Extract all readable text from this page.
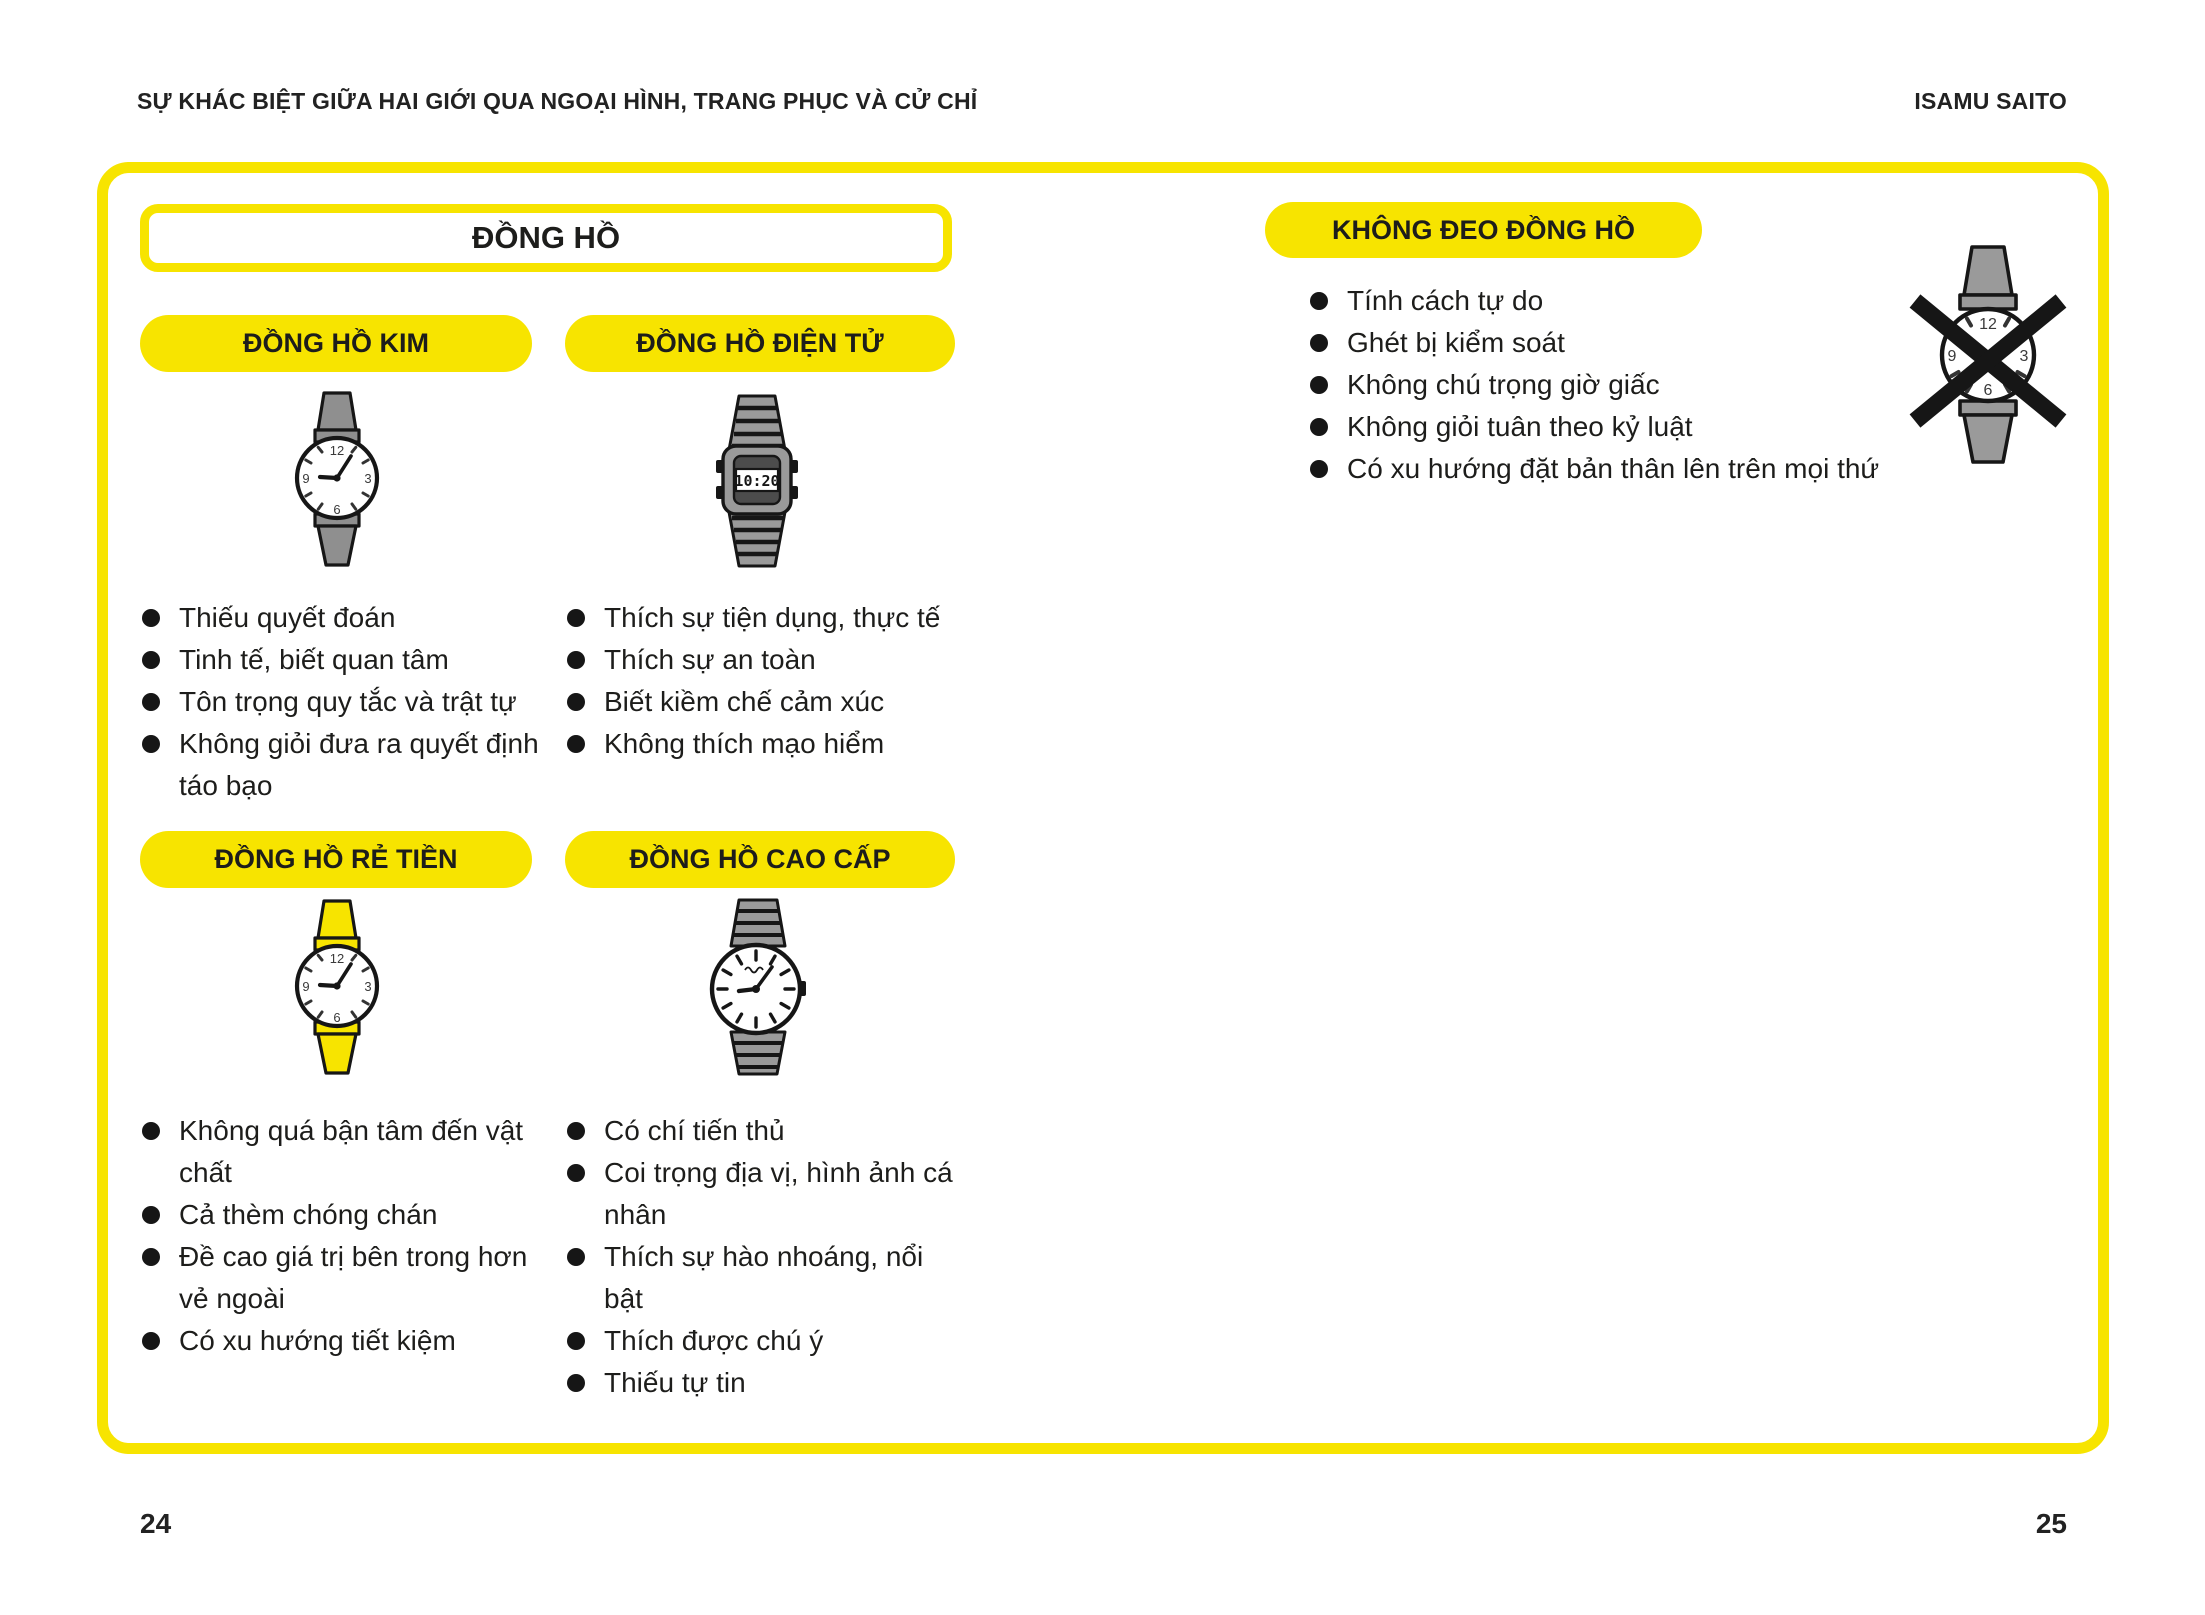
SỰ KHÁC BIỆT GIỮA HAI GIỚI QUA NGOẠI HÌNH, TRANG PHỤC VÀ CỬ CHỈ	ISAMU SAITO
ĐỒNG HỒ
ĐỒNG HỒ KIM	ĐỒNG HỒ ĐIỆN TỬ
ĐỒNG HỒ RẺ TIỀN	ĐỒNG HỒ CAO CẤP
KHÔNG ĐEO ĐỒNG HỒ
12
3
6
9	10:20
12
3
6
9
12
3
6
9
Thiếu quyết đoán
Tinh tế, biết quan tâm
Tôn trọng quy tắc và trật tự
Không giỏi đưa ra quyết định táo bạo
Thích sự tiện dụng, thực tế
Thích sự an toàn
Biết kiềm chế cảm xúc
Không thích mạo hiểm
Không quá bận tâm đến vật chất
Cả thèm chóng chán
Đề cao giá trị bên trong hơn vẻ ngoài
Có xu hướng tiết kiệm
Có chí tiến thủ
Coi trọng địa vị, hình ảnh cá nhân
Thích sự hào nhoáng, nổi bật
Thích được chú ý
Thiếu tự tin
Tính cách tự do
Ghét bị kiểm soát
Không chú trọng giờ giấc
Không giỏi tuân theo kỷ luật
Có xu hướng đặt bản thân lên trên mọi thứ
24	25
